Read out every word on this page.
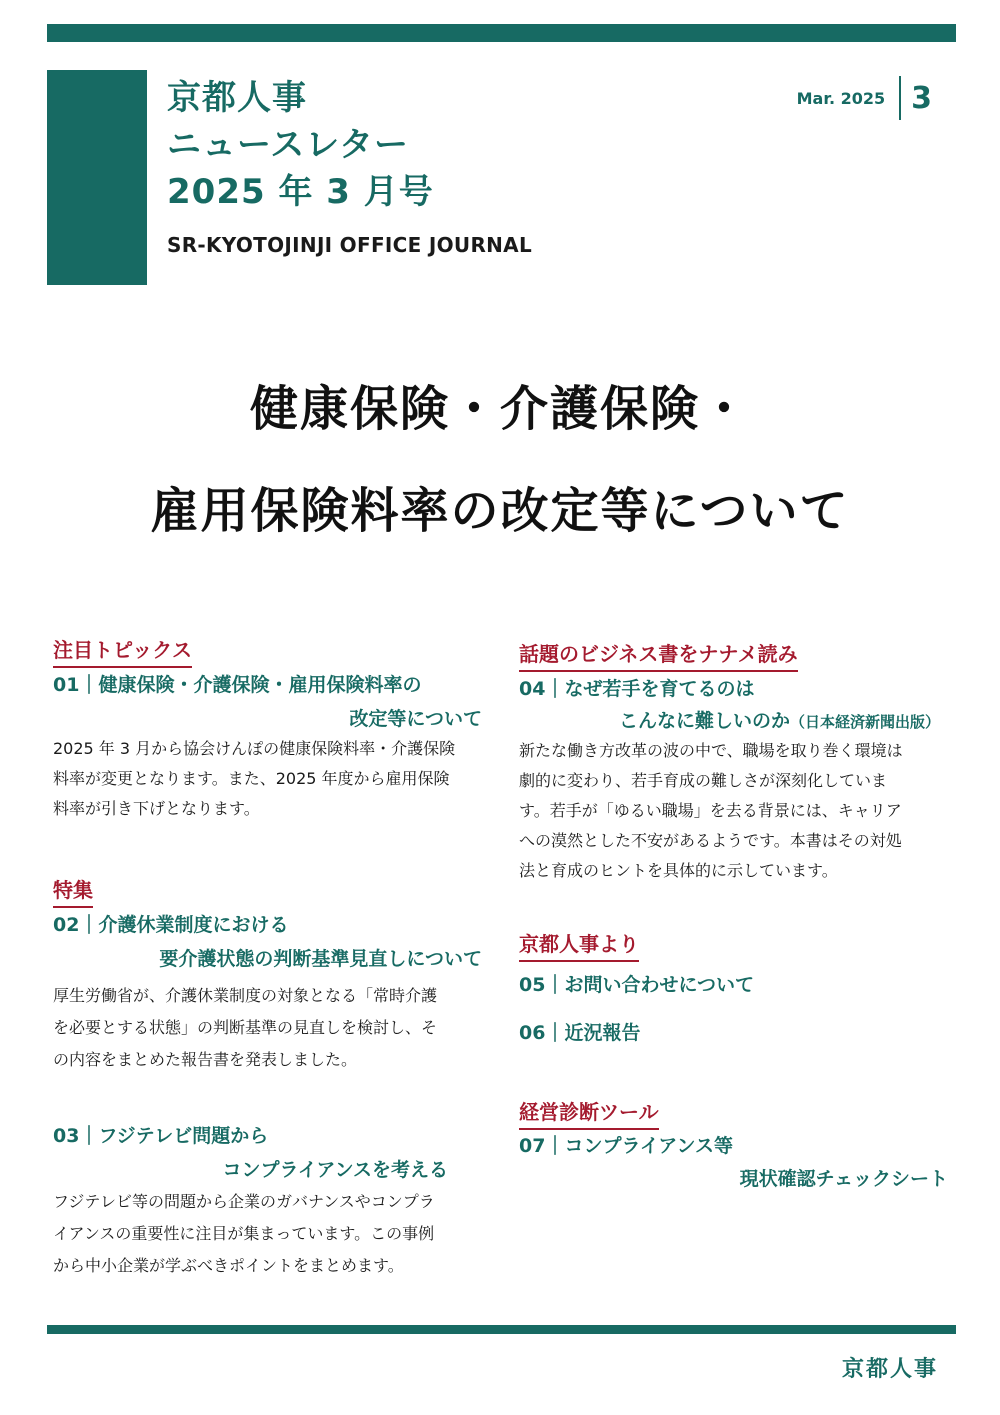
京都人事
ニュースレター
2025 年 3 月号
SR-KYOTOJINJI OFFICE JOURNAL
Mar. 2025 3
健康保険・介護保険・
雇用保険料率の改定等について
注目トピックス
01｜健康保険・介護保険・雇用保険料率の
改定等について
2025 年 3 月から協会けんぽの健康保険料率・介護保険
料率が変更となります。また、2025 年度から雇用保険
料率が引き下げとなります。
特集
02｜介護休業制度における
要介護状態の判断基準見直しについて
厚生労働省が、介護休業制度の対象となる「常時介護
を必要とする状態」の判断基準の見直しを検討し、そ
の内容をまとめた報告書を発表しました。
03｜フジテレビ問題から
コンプライアンスを考える
フジテレビ等の問題から企業のガバナンスやコンプラ
イアンスの重要性に注目が集まっています。この事例
から中小企業が学ぶべきポイントをまとめます。
話題のビジネス書をナナメ読み
04｜なぜ若手を育てるのは
こんなに難しいのか（日本経済新聞出版）
新たな働き方改革の波の中で、職場を取り巻く環境は
劇的に変わり、若手育成の難しさが深刻化していま
す。若手が「ゆるい職場」を去る背景には、キャリア
への漠然とした不安があるようです。本書はその対処
法と育成のヒントを具体的に示しています。
京都人事より
05｜お問い合わせについて
06｜近況報告
経営診断ツール
07｜コンプライアンス等
現状確認チェックシート
京都人事
